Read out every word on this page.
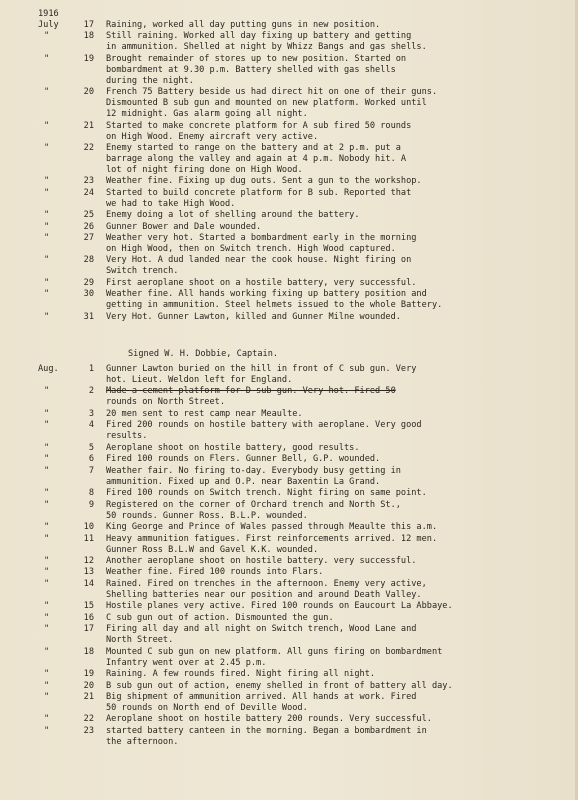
1916
July	17 Raining, worked all day putting guns in new position.
"	18 Still raining. Worked all day fixing up battery and getting
in ammunition. Shelled at night by Whizz Bangs and gas shells.
"	19 Brought remainder of stores up to new position. Started on
bombardment at 9.30 p.m. Battery shelled with gas shells
during the night.
"	20 French 75 Battery beside us had direct hit on one of their guns.
Dismounted B sub gun and mounted on new platform. Worked until
12 midnight. Gas alarm going all night.
"	21 Started to make concrete platform for A sub fired 50 rounds
on High Wood. Enemy aircraft very active.
"	22 Enemy started to range on the battery and at 2 p.m. put a
barrage along the valley and again at 4 p.m. Nobody hit. A
lot of night firing done on High Wood.
"	23 Weather fine. Fixing up dug outs. Sent a gun to the workshop.
"	24 Started to build concrete platform for B sub. Reported that
we had to take High Wood.
"	25 Enemy doing a lot of shelling around the battery.
"	26 Gunner Bower and Dale wounded.
"	27 Weather very hot. Started a bombardment early in the morning
on High Wood, then on Switch trench. High Wood captured.
"	28 Very Hot. A dud landed near the cook house. Night firing on
Switch trench.
"	29 First aeroplane shoot on a hostile battery, very successful.
"	30 Weather fine. All hands working fixing up battery position and
getting in ammunition. Steel helmets issued to the whole Battery.
"	31 Very Hot. Gunner Lawton, killed and Gunner Milne wounded.
Signed W. H. Dobbie, Captain.
Aug.	1 Gunner Lawton buried on the hill in front of C sub gun. Very
hot. Lieut. Weldon left for England.
"	2 Made a cement platform for D sub gun. Very hot. Fired 50
rounds on North Street.
"	3 20 men sent to rest camp near Meaulte.
"	4 Fired 200 rounds on hostile battery with aeroplane. Very good
results.
"	5 Aeroplane shoot on hostile battery, good results.
"	6 Fired 100 rounds on Flers. Gunner Bell, G.P. wounded.
"	7 Weather fair. No firing to-day. Everybody busy getting in
ammunition. Fixed up and O.P. near Baxentin La Grand.
"	8 Fired 100 rounds on Switch trench. Night firing on same point.
"	9 Registered on the corner of Orchard trench and North St.,
50 rounds. Gunner Ross. B.L.P. wounded.
"	10 King George and Prince of Wales passed through Meaulte this a.m.
"	11 Heavy ammunition fatigues. First reinforcements arrived. 12 men.
Gunner Ross B.L.W and Gavel K.K. wounded.
"	12 Another aeroplane shoot on hostile battery. very successful.
"	13 Weather fine. Fired 100 rounds into Flars.
"	14 Rained. Fired on trenches in the afternoon. Enemy very active,
Shelling batteries near our position and around Death Valley.
"	15 Hostile planes very active. Fired 100 rounds on Eaucourt La Abbaye.
"	16 C sub gun out of action. Dismounted the gun.
"	17 Firing all day and all night on Switch trench, Wood Lane and
North Street.
"	18 Mounted C sub gun on new platform. All guns firing on bombardment
Infantry went over at 2.45 p.m.
"	19 Raining. A few rounds fired. Night firing all night.
"	20 B sub gun out of action, enemy shelled in front of battery all day.
"	21 Big shipment of ammunition arrived. All hands at work. Fired
50 rounds on North end of Deville Wood.
"	22 Aeroplane shoot on hostile battery 200 rounds. Very successful.
"	23 started battery canteen in the morning. Began a bombardment in
the afternoon.
